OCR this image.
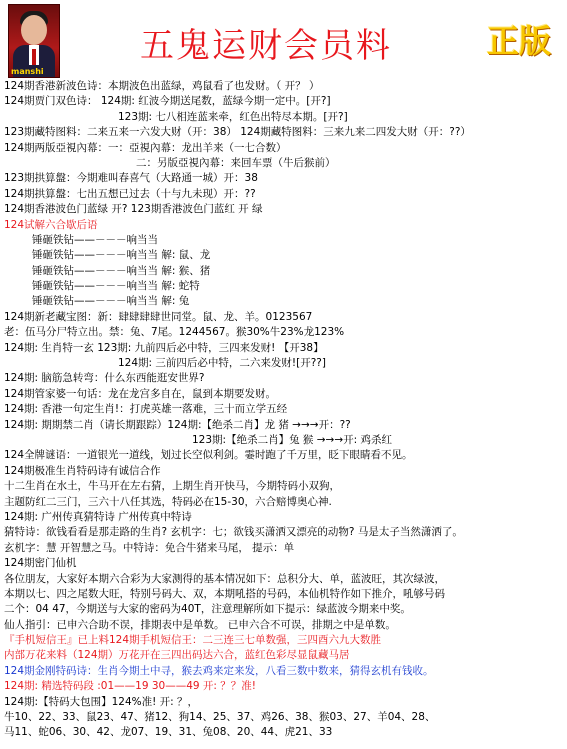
manshi
五鬼运财会员料	正版
124期香港新波色诗：本期波色出蓝绿，鸡鼠看了也发财。（ 开？ ）
124期贾门双色诗： 124期: 红波今期送尾数，蓝绿今期一定中。[开?]
123期: 七八相连蓝来牵，红色出特尽本期。[开?]
123期藏特图料：二来五来一六发大财（开：38） 124期藏特图料：三来九来二四发大财（开：??）
124期两版亞視內幕：一：亞視內幕：龙出羊来（一七合数）
二：另版亞視內幕：来回车票（牛后猴前）
123期拱算盤：今期难叫春喜气（大路通一城）开：38
124期拱算盤：七出五想已过去（十与九未现）开：??
124期香港波色门蓝绿 开? 123期香港波色门蓝红 开 绿
124试解六合歇后语
锤砸铁钻——－－－响当当
锤砸铁钻——－－－响当当 解: 鼠、龙
锤砸铁钻——－－－响当当 解: 猴、猪
锤砸铁钻——－－－响当当 解: 蛇特
锤砸铁钻——－－－响当当 解: 兔
124期新老藏宝图：新：肆肆肆肆世同堂。鼠、龙、羊。0123567
老：伍马分尸特立出。禁：兔、7尾。1244567。猴30%牛23%龙123%
124期: 生肖特一玄 123期: 九前四后必中特，三四来发财! 【开38】
124期: 三前四后必中特，二六来发财![开??]
124期: 脑筋急转弯：什么东西能逛安世界?
124期管家婆一句话：龙在龙宫多自在，鼠到本期要发财。
124期: 香港一句定生肖!：打虎英雄一落难，三十而立学五经
124期: 期期禁二肖（请长期跟踪）124期:【绝杀二肖】龙 猪 →→→开：??
123期:【绝杀二肖】兔 猴 →→→开: 鸡杀红
124全牌谜语：一道银光一道线，划过长空似利剑。霎时跑了千万里，眨下眼睛看不见。
124期极准生肖特码诗有诚信合作
十二生肖在水土，牛马开在左右猜，上期生肖开快马，今期特码小双狗，
主题防红二三门，三六十八任其选，特码必在15-30，六合赔博奥心神.
124期: 广州传真猜特诗 广州传真中特诗
猜特诗：欲钱看看是那走路的生肖? 玄机字：七；欲钱买潇洒又漂亮的动物? 马是太子当然潇洒了。
玄机字：慧 开智慧之马。中特诗：免合牛猪来马尾， 提示：单
124期密门仙机
各位朋友，大家好本期六合彩为大家测得的基本情况如下：总积分大、单，蓝波旺，其次绿波，
本期以七、四之尾数大旺，特别号码大、双，本期吼搭的号码，本仙机特作如下推介，吼够号码
二个：04 47，今期送与大家的密码为40T，注意理解所如下提示：绿蓝波今期来中奖。
仙人指引：已申六合助不误，排期表中是单数。 已申六合不可误，排期之中是单数。
『手机短信王』已上料124期手机短信王：二三连三七单数强，三四酉六九大数胜
内部万花来料（124期）万花开在三四出码达六合，蓝红色彩尽显鼠藏马居
124期金刚特码诗：生肖今期土中寻，猴去鸡来定来发，八看三数中数来，猜得玄机有钱收。
124期: 精选特码段 :01——19 30——49 开: ？？准!
124期:【特码大包围】124%准! 开: ？，
牛10、22、33、鼠23、47、猪12、狗14、25、37、鸡26、38、猴03、27、羊04、28、
马11、蛇06、30、42、龙07、19、31、兔08、20、44、虎21、33
